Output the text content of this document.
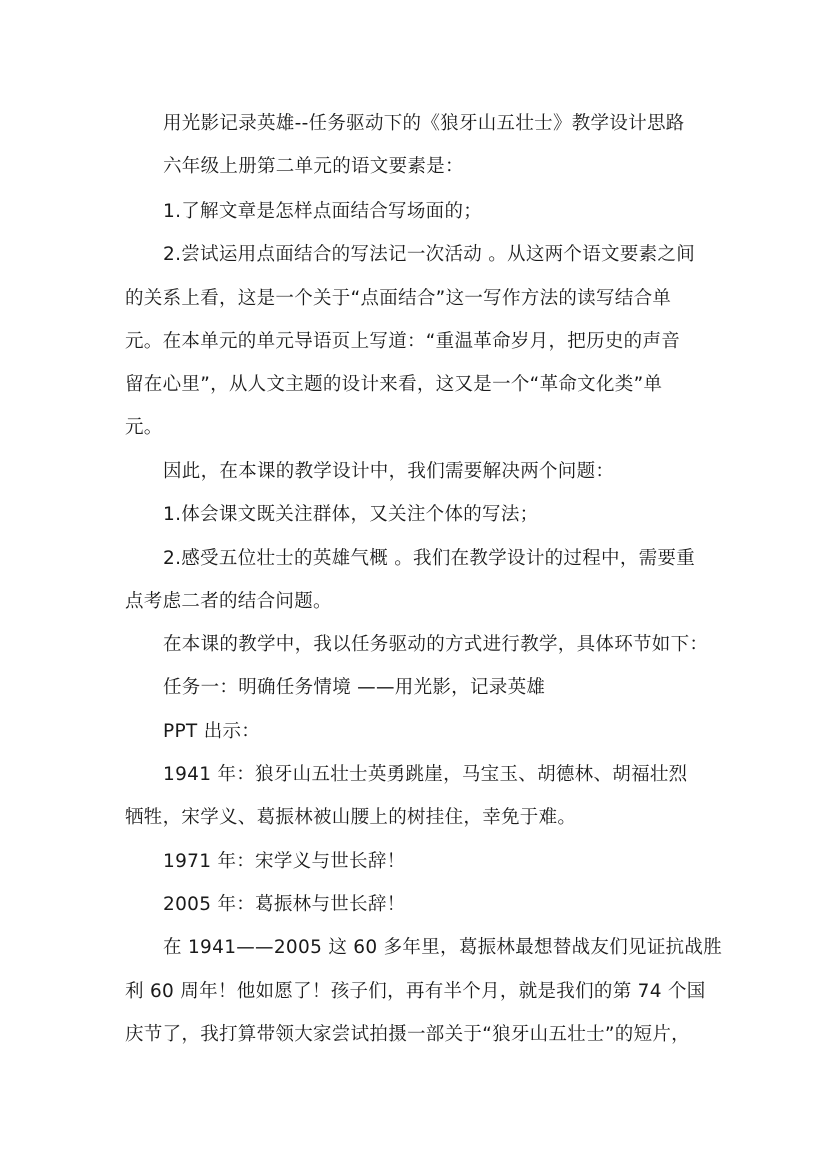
用光影记录英雄--任务驱动下的《狼牙山五壮士》教学设计思路
六年级上册第二单元的语文要素是：
1.了解文章是怎样点面结合写场面的；
2.尝试运用点面结合的写法记一次活动 。从这两个语文要素之间
的关系上看，这是一个关于“点面结合”这一写作方法的读写结合单
元。在本单元的单元导语页上写道：“重温革命岁月，把历史的声音
留在心里”，从人文主题的设计来看，这又是一个“革命文化类”单
元。
因此，在本课的教学设计中，我们需要解决两个问题：
1.体会课文既关注群体，又关注个体的写法；
2.感受五位壮士的英雄气概 。我们在教学设计的过程中，需要重
点考虑二者的结合问题。
在本课的教学中，我以任务驱动的方式进行教学，具体环节如下：
任务一：明确任务情境 ——用光影，记录英雄
PPT 出示：
1941 年：狼牙山五壮士英勇跳崖，马宝玉、胡德林、胡福壮烈
牺牲，宋学义、葛振林被山腰上的树挂住，幸免于难。
1971 年：宋学义与世长辞！
2005 年：葛振林与世长辞！
在 1941——2005 这 60 多年里，葛振林最想替战友们见证抗战胜
利 60 周年！他如愿了！孩子们，再有半个月，就是我们的第 74 个国
庆节了，我打算带领大家尝试拍摄一部关于“狼牙山五壮士”的短片，
